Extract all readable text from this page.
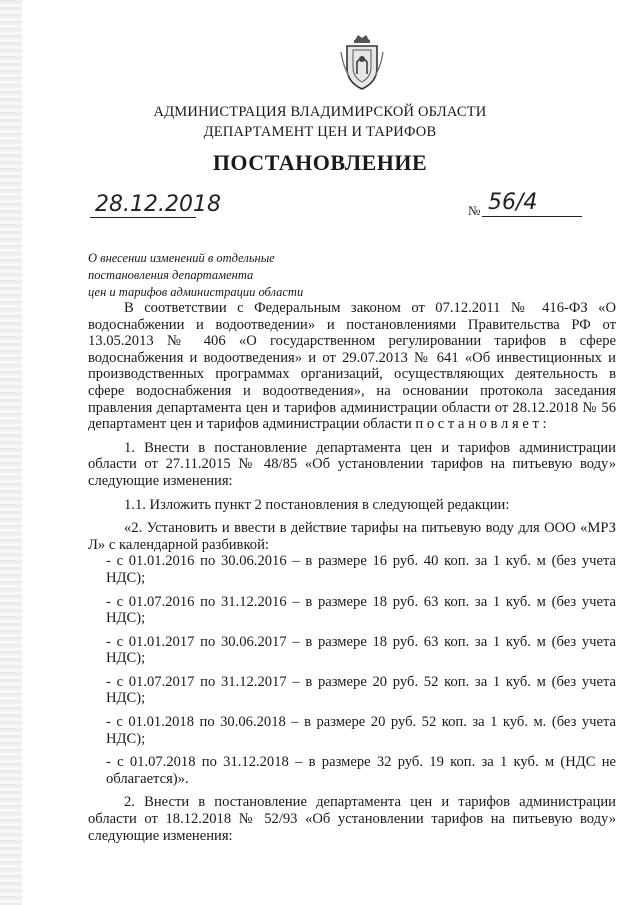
АДМИНИСТРАЦИЯ ВЛАДИМИРСКОЙ ОБЛАСТИ
ДЕПАРТАМЕНТ ЦЕН И ТАРИФОВ
ПОСТАНОВЛЕНИЕ
28.12.2018	№ 56/4
О внесении изменений в отдельные
постановления департамента
цен и тарифов администрации области

В соответствии с Федеральным законом от 07.12.2011 № 416-ФЗ «О водоснабжении и водоотведении» и постановлениями Правительства РФ от 13.05.2013 № 406 «О государственном регулировании тарифов в сфере водоснабжения и водоотведения» и от 29.07.2013 № 641 «Об инвестиционных и производственных программах организаций, осуществляющих деятельность в сфере водоснабжения и водоотведения», на основании протокола заседания правления департамента цен и тарифов администрации области от 28.12.2018 № 56 департамент цен и тарифов администрации области п о с т а н о в л я е т :

1. Внести в постановление департамента цен и тарифов администрации области от 27.11.2015 № 48/85 «Об установлении тарифов на питьевую воду» следующие изменения:

1.1. Изложить пункт 2 постановления в следующей редакции:

«2. Установить и ввести в действие тарифы на питьевую воду для ООО «МРЗ Л» с календарной разбивкой:

- с 01.01.2016 по 30.06.2016 – в размере 16 руб. 40 коп. за 1 куб. м (без учета НДС);

- с 01.07.2016 по 31.12.2016 – в размере 18 руб. 63 коп. за 1 куб. м (без учета НДС);

- с 01.01.2017 по 30.06.2017 – в размере 18 руб. 63 коп. за 1 куб. м (без учета НДС);

- с 01.07.2017 по 31.12.2017 – в размере 20 руб. 52 коп. за 1 куб. м (без учета НДС);

- с 01.01.2018 по 30.06.2018 – в размере 20 руб. 52 коп. за 1 куб. м. (без учета НДС);

- с 01.07.2018 по 31.12.2018 – в размере 32 руб. 19 коп. за 1 куб. м (НДС не облагается)».

2. Внести в постановление департамента цен и тарифов администрации области от 18.12.2018 № 52/93 «Об установлении тарифов на питьевую воду» следующие изменения:
